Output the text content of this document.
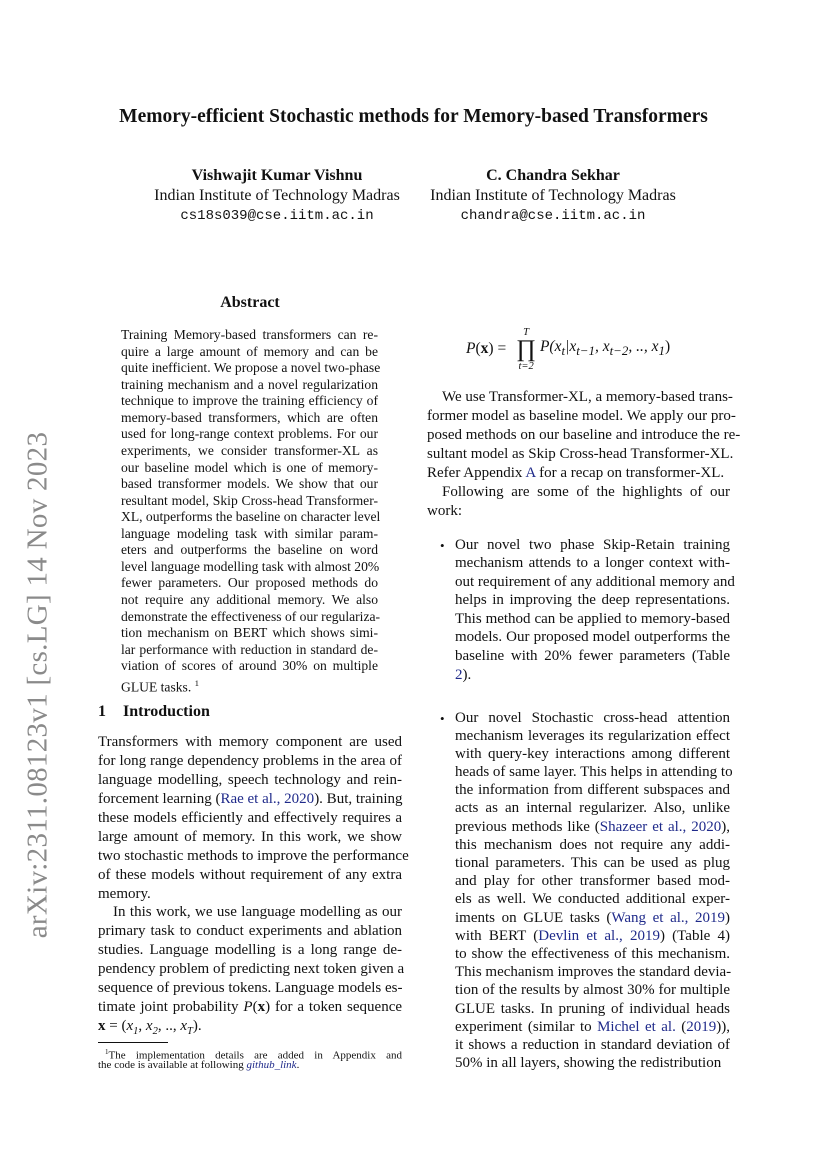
Memory-efficient Stochastic methods for Memory-based Transformers
Vishwajit Kumar Vishnu
Indian Institute of Technology Madras
cs18s039@cse.iitm.ac.in
C. Chandra Sekhar
Indian Institute of Technology Madras
chandra@cse.iitm.ac.in
arXiv:2311.08123v1 [cs.LG] 14 Nov 2023
Abstract
Training Memory-based transformers can re-
quire a large amount of memory and can be
quite inefficient. We propose a novel two-phase
training mechanism and a novel regularization
technique to improve the training efficiency of
memory-based transformers, which are often
used for long-range context problems. For our
experiments, we consider transformer-XL as
our baseline model which is one of memory-
based transformer models. We show that our
resultant model, Skip Cross-head Transformer-
XL, outperforms the baseline on character level
language modeling task with similar param-
eters and outperforms the baseline on word
level language modelling task with almost 20%
fewer parameters. Our proposed methods do
not require any additional memory. We also
demonstrate the effectiveness of our regulariza-
tion mechanism on BERT which shows simi-
lar performance with reduction in standard de-
viation of scores of around 30% on multiple
GLUE tasks. $^1$
1 Introduction
Transformers with memory component are used
for long range dependency problems in the area of
language modelling, speech technology and rein-
forcement learning (Rae et al., 2020). But, training
these models efficiently and effectively requires a
large amount of memory. In this work, we show
two stochastic methods to improve the performance
of these models without requirement of any extra
memory.
In this work, we use language modelling as our
primary task to conduct experiments and ablation
studies. Language modelling is a long range de-
pendency problem of predicting next token given a
sequence of previous tokens. Language models es-
timate joint probability P(x) for a token sequence
$x = (x_1$, $x_2$, .., $x_T$).
$^1$The implementation details are added in Appendix and
the code is available at following github_link.
P(x) =
T
∏
t=2
$P(x_t|x_{t-1}$, $x_{t-2}$, .., $x_1$)
We use Transformer-XL, a memory-based trans-
former model as baseline model. We apply our pro-
posed methods on our baseline and introduce the re-
sultant model as Skip Cross-head Transformer-XL.
Refer Appendix A for a recap on transformer-XL.
Following are some of the highlights of our
work:
• Our novel two phase Skip-Retain training
mechanism attends to a longer context with-
out requirement of any additional memory and
helps in improving the deep representations.
This method can be applied to memory-based
models. Our proposed model outperforms the
baseline with 20% fewer parameters (Table
2).
• Our novel Stochastic cross-head attention
mechanism leverages its regularization effect
with query-key interactions among different
heads of same layer. This helps in attending to
the information from different subspaces and
acts as an internal regularizer. Also, unlike
previous methods like (Shazeer et al., 2020),
this mechanism does not require any addi-
tional parameters. This can be used as plug
and play for other transformer based mod-
els as well. We conducted additional exper-
iments on GLUE tasks (Wang et al., 2019)
with BERT (Devlin et al., 2019) (Table 4)
to show the effectiveness of this mechanism.
This mechanism improves the standard devia-
tion of the results by almost 30% for multiple
GLUE tasks. In pruning of individual heads
experiment (similar to Michel et al. (2019)),
it shows a reduction in standard deviation of
50% in all layers, showing the redistribution
